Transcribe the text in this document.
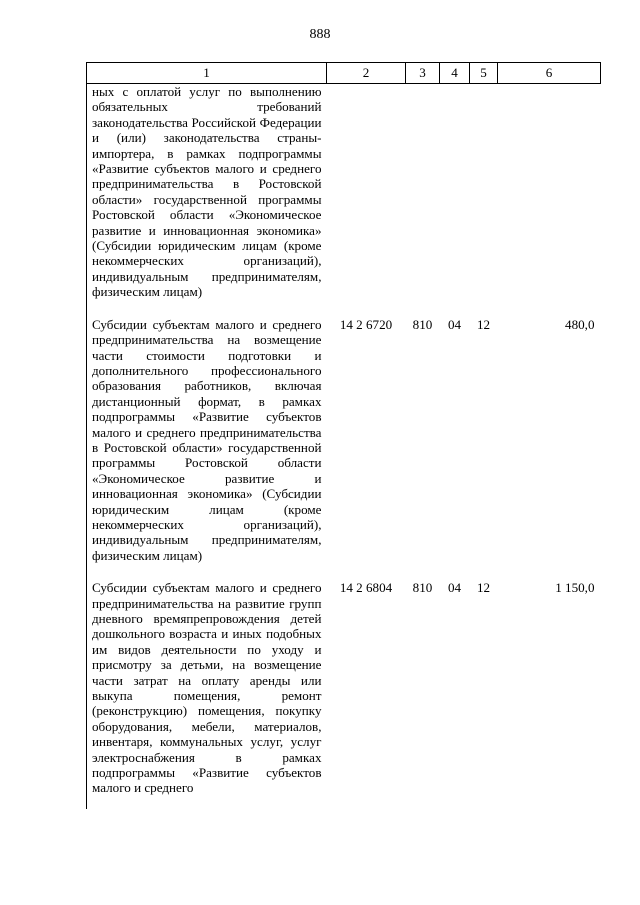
888
1	2	3	4	5	6
ных с оплатой услуг по выполнению обязательных требований законодательства Российской Федерации и (или) законодательства страны-импортера, в рамках подпрограммы «Развитие субъектов малого и среднего предпринимательства в Ростовской области» государственной программы Ростовской области «Экономическое развитие и инновационная экономика» (Субсидии юридическим лицам (кроме некоммерческих организаций), индивидуальным предпринимателям, физическим лицам)					
Субсидии субъектам малого и среднего предпринимательства на возмещение части стоимости подготовки и дополнительного профессионального образования работников, включая дистанционный формат, в рамках подпрограммы «Развитие субъектов малого и среднего предпринимательства в Ростовской области» государственной программы Ростовской области «Экономическое развитие и инновационная экономика» (Субсидии юридическим лицам (кроме некоммерческих организаций), индивидуальным предпринимателям, физическим лицам)	14 2 6720	810	04	12	480,0
Субсидии субъектам малого и среднего предпринимательства на развитие групп дневного времяпрепровождения детей дошкольного возраста и иных подобных им видов деятельности по уходу и присмотру за детьми, на возмещение части затрат на оплату аренды или выкупа помещения, ремонт (реконструкцию) помещения, покупку оборудования, мебели, материалов, инвентаря, коммунальных услуг, услуг электроснабжения в рамках подпрограммы «Развитие субъектов малого и среднего	14 2 6804	810	04	12	1 150,0
